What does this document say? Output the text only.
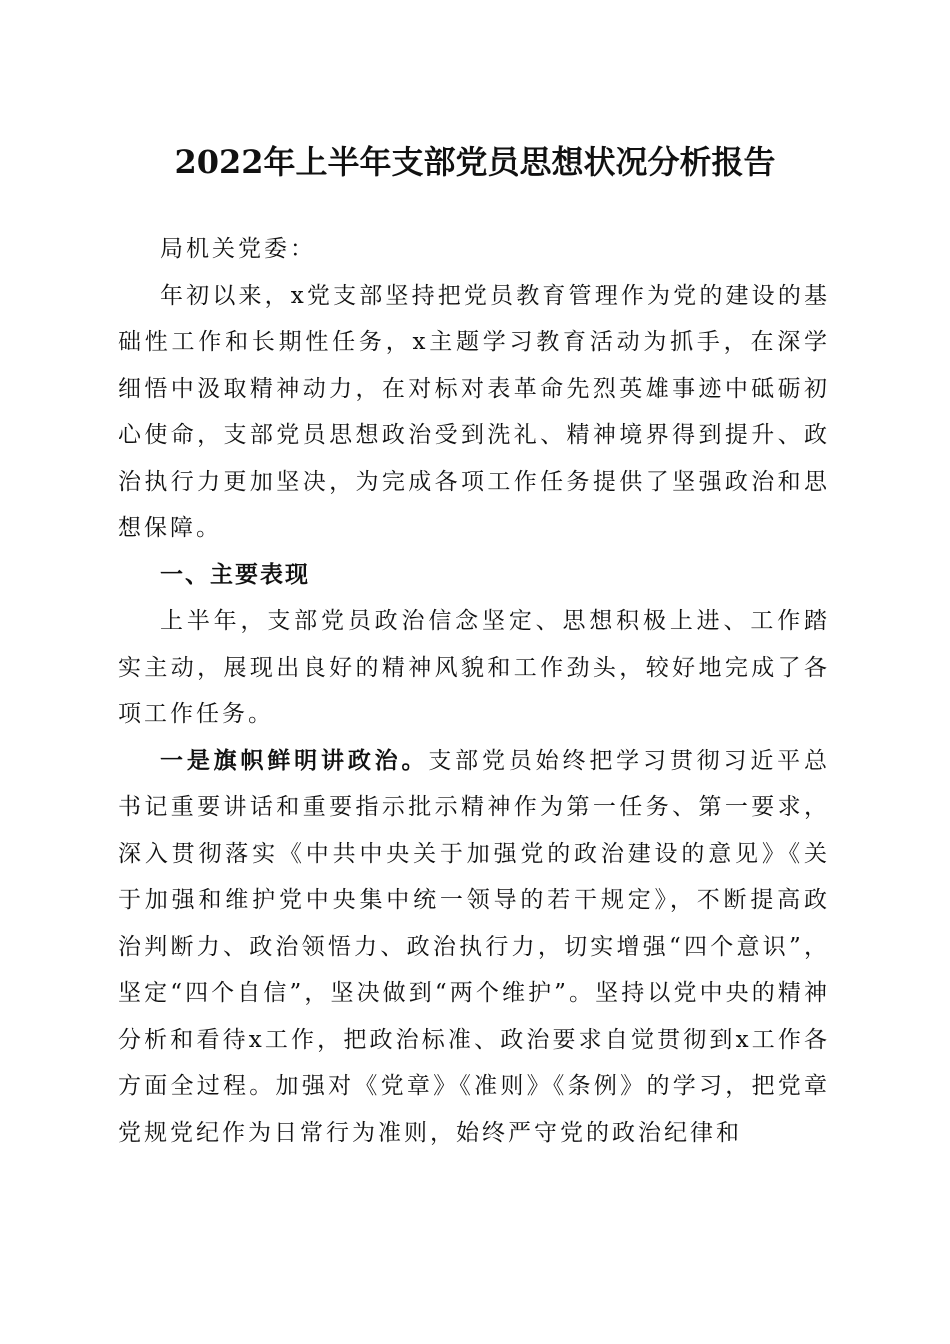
2022年上半年支部党员思想状况分析报告

局机关党委：

年初以来，x党支部坚持把党员教育管理作为党的建设的基础性工作和长期性任务，x主题学习教育活动为抓手，在深学细悟中汲取精神动力，在对标对表革命先烈英雄事迹中砥砺初心使命，支部党员思想政治受到洗礼、精神境界得到提升、政治执行力更加坚决，为完成各项工作任务提供了坚强政治和思想保障。

一、主要表现

上半年，支部党员政治信念坚定、思想积极上进、工作踏实主动，展现出良好的精神风貌和工作劲头，较好地完成了各项工作任务。

一是旗帜鲜明讲政治。支部党员始终把学习贯彻习近平总书记重要讲话和重要指示批示精神作为第一任务、第一要求，深入贯彻落实《中共中央关于加强党的政治建设的意见》《关于加强和维护党中央集中统一领导的若干规定》，不断提高政治判断力、政治领悟力、政治执行力，切实增强“四个意识”，坚定“四个自信”，坚决做到“两个维护”。坚持以党中央的精神分析和看待x工作，把政治标准、政治要求自觉贯彻到x工作各方面全过程。加强对《党章》《准则》《条例》的学习，把党章党规党纪作为日常行为准则，始终严守党的政治纪律和
